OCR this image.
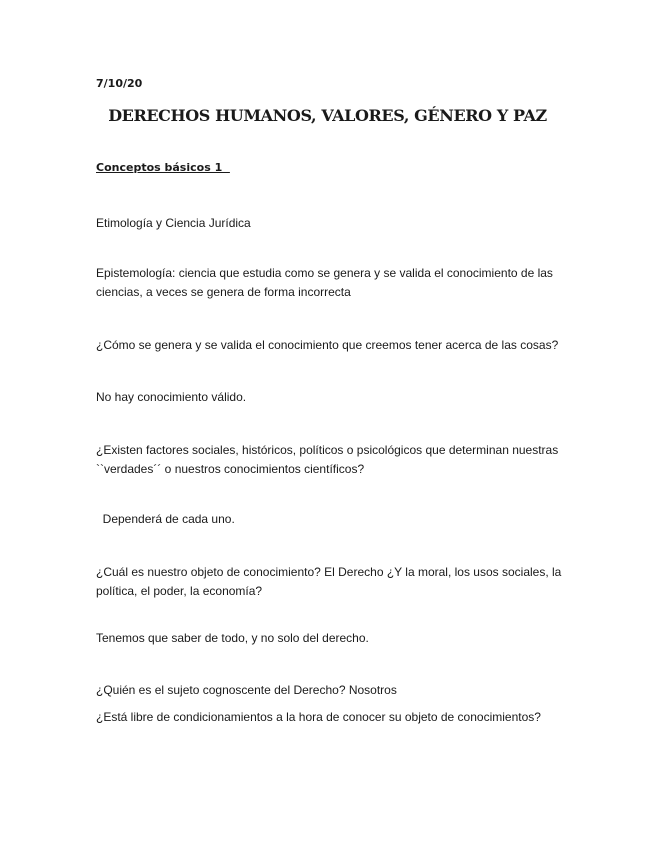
7/10/20
DERECHOS HUMANOS, VALORES, GÉNERO Y PAZ
Conceptos básicos 1
Etimología y Ciencia Jurídica
Epistemología: ciencia que estudia como se genera y se valida el conocimiento de las ciencias, a veces se genera de forma incorrecta
¿Cómo se genera y se valida el conocimiento que creemos tener acerca de las cosas?
No hay conocimiento válido.
¿Existen factores sociales, históricos, políticos o psicológicos que determinan nuestras ``verdades´´ o nuestros conocimientos científicos?
Dependerá de cada uno.
¿Cuál es nuestro objeto de conocimiento? El Derecho ¿Y la moral, los usos sociales, la política, el poder, la economía?
Tenemos que saber de todo, y no solo del derecho.
¿Quién es el sujeto cognoscente del Derecho? Nosotros
¿Está libre de condicionamientos a la hora de conocer su objeto de conocimientos?
